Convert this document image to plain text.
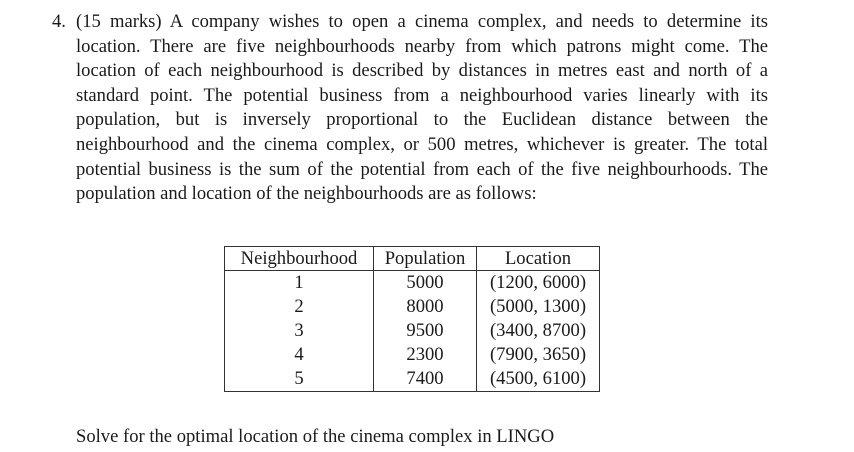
4. (15 marks) A company wishes to open a cinema complex, and needs to determine its location. There are five neighbourhoods nearby from which patrons might come. The location of each neighbourhood is described by distances in metres east and north of a standard point. The potential business from a neighbourhood varies linearly with its population, but is inversely proportional to the Euclidean distance between the neighbourhood and the cinema complex, or 500 metres, whichever is greater. The total potential business is the sum of the potential from each of the five neighbourhoods. The population and location of the neighbourhoods are as follows:
Neighbourhood	Population	Location
1	5000	(1200, 6000)
2	8000	(5000, 1300)
3	9500	(3400, 8700)
4	2300	(7900, 3650)
5	7400	(4500, 6100)
Solve for the optimal location of the cinema complex in LINGO
